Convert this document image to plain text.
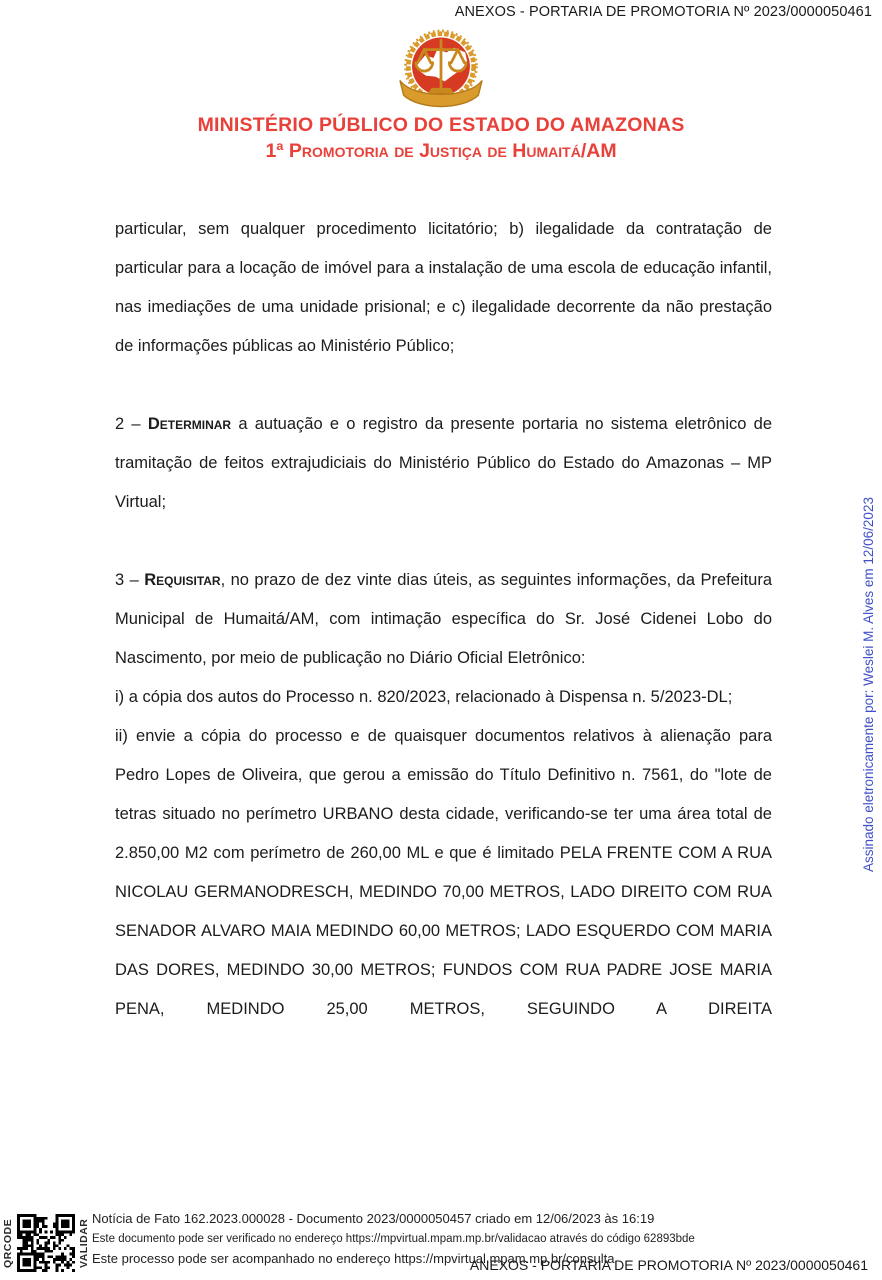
ANEXOS - PORTARIA DE PROMOTORIA Nº 2023/0000050461
MINISTÉRIO PÚBLICO DO ESTADO DO AMAZONAS
1ª Promotoria de Justiça de Humaitá/AM

particular, sem qualquer procedimento licitatório; b) ilegalidade da contratação de particular para a locação de imóvel para a instalação de uma escola de educação infantil, nas imediações de uma unidade prisional; e c) ilegalidade decorrente da não prestação de informações públicas ao Ministério Público;

2 – Determinar a autuação e o registro da presente portaria no sistema eletrônico de tramitação de feitos extrajudiciais do Ministério Público do Estado do Amazonas – MP Virtual;

3 – Requisitar, no prazo de dez vinte dias úteis, as seguintes informações, da Prefeitura Municipal de Humaitá/AM, com intimação específica do Sr. José Cidenei Lobo do Nascimento, por meio de publicação no Diário Oficial Eletrônico:

i) a cópia dos autos do Processo n. 820/2023, relacionado à Dispensa n. 5/2023-DL;

ii) envie a cópia do processo e de quaisquer documentos relativos à alienação para Pedro Lopes de Oliveira, que gerou a emissão do Título Definitivo n. 7561, do "lote de tetras situado no perímetro URBANO desta cidade, verificando-se ter uma área total de 2.850,00 M2 com perímetro de 260,00 ML e que é limitado PELA FRENTE COM A RUA NICOLAU GERMANODRESCH, MEDINDO 70,00 METROS, LADO DIREITO COM RUA SENADOR ALVARO MAIA MEDINDO 60,00 METROS; LADO ESQUERDO COM MARIA DAS DORES, MEDINDO 30,00 METROS; FUNDOS COM RUA PADRE JOSE MARIA PENA, MEDINDO 25,00 METROS, SEGUINDO A DIREITA

Assinado eletronicamente por: Weslei M. Alves em 12/06/2023
QRCODE	VALIDAR Notícia de Fato 162.2023.000028 - Documento 2023/0000050457 criado em 12/06/2023 às 16:19
Este documento pode ser verificado no endereço https://mpvirtual.mpam.mp.br/validacao através do código 62893bde
Este processo pode ser acompanhado no endereço https://mpvirtual.mpam.mp.br/consulta
ANEXOS - PORTARIA DE PROMOTORIA Nº 2023/0000050461
